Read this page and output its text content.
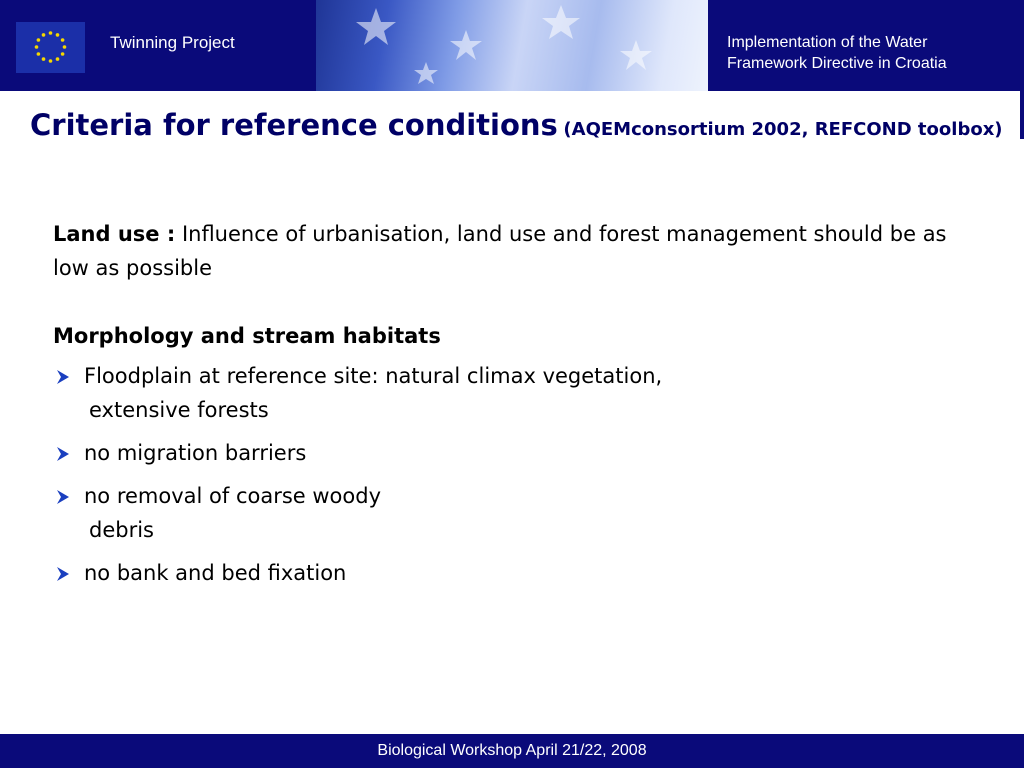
Twinning Project	Implementation of the Water
Framework Directive in Croatia
Criteria for reference conditions (AQEMconsortium 2002, REFCOND toolbox)

Land use : Influence of urbanisation, land use and forest management should be as low as possible

Morphology and stream habitats
Floodplain at reference site: natural climax vegetation,
extensive forests
no migration barriers
no removal of coarse woody
debris
no bank and bed fixation
Biological Workshop April 21/22, 2008
